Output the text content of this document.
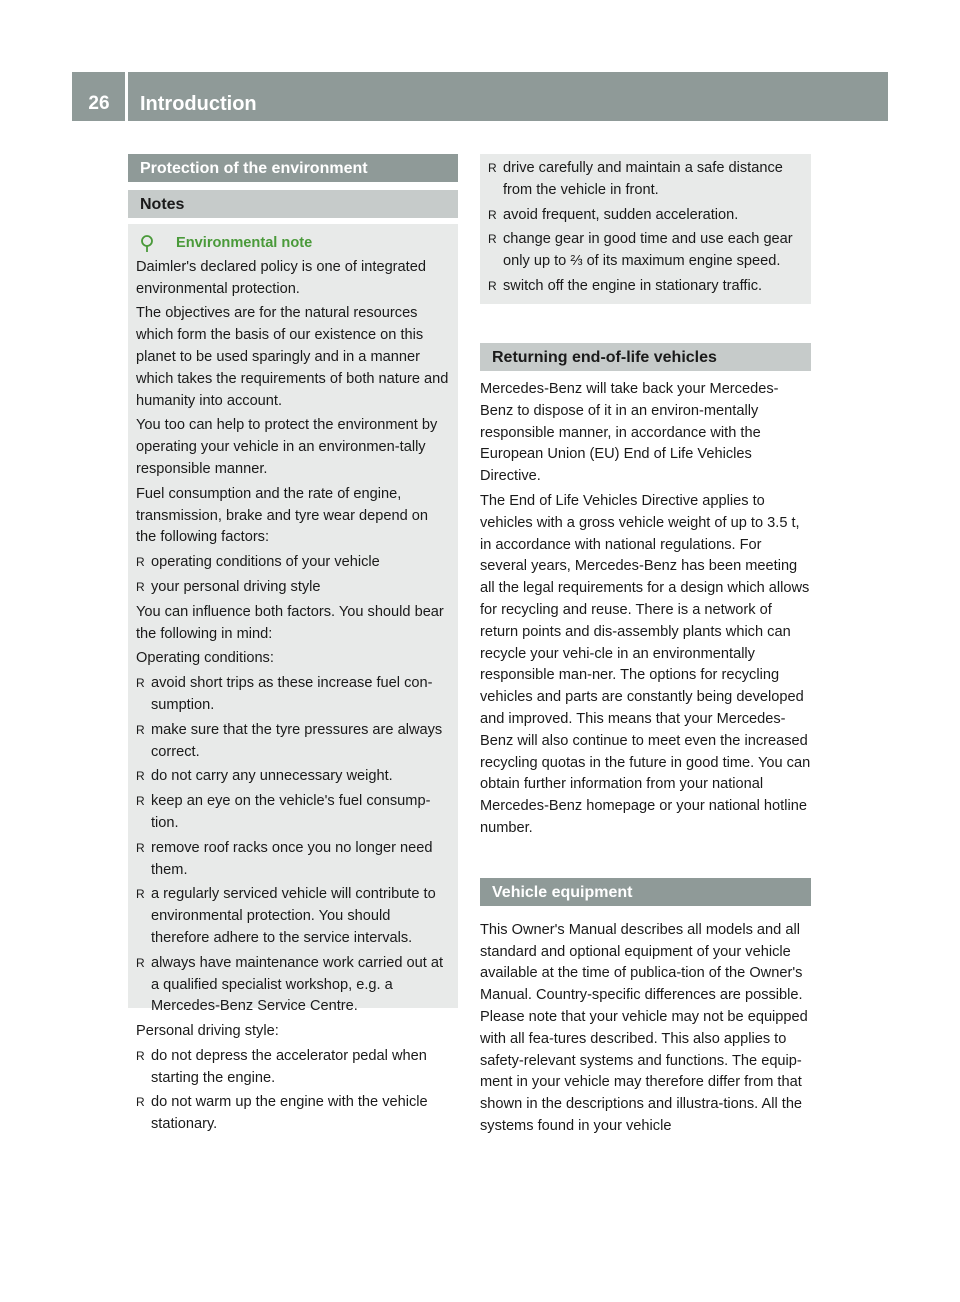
26	Introduction
Protection of the environment
Notes
Environmental note

Daimler's declared policy is one of integrated environmental protection.

The objectives are for the natural resources which form the basis of our existence on this planet to be used sparingly and in a manner which takes the requirements of both nature and humanity into account.

You too can help to protect the environment by operating your vehicle in an environmen-tally responsible manner.

Fuel consumption and the rate of engine, transmission, brake and tyre wear depend on the following factors:

R operating conditions of your vehicle
R your personal driving style

You can influence both factors. You should bear the following in mind:

Operating conditions:

R avoid short trips as these increase fuel con-sumption.
R make sure that the tyre pressures are always correct.
R do not carry any unnecessary weight.
R keep an eye on the vehicle's fuel consump-tion.
R remove roof racks once you no longer need them.
R a regularly serviced vehicle will contribute to environmental protection. You should therefore adhere to the service intervals.
R always have maintenance work carried out at a qualified specialist workshop, e.g. a Mercedes-Benz Service Centre.

Personal driving style:

R do not depress the accelerator pedal when starting the engine.
R do not warm up the engine with the vehicle stationary.
R drive carefully and maintain a safe distance from the vehicle in front.
R avoid frequent, sudden acceleration.
R change gear in good time and use each gear only up to ⅔ of its maximum engine speed.
R switch off the engine in stationary traffic.
Returning end-of-life vehicles

Mercedes-Benz will take back your Mercedes-Benz to dispose of it in an environ-mentally responsible manner, in accordance with the European Union (EU) End of Life Vehicles Directive.

The End of Life Vehicles Directive applies to vehicles with a gross vehicle weight of up to 3.5 t, in accordance with national regulations. For several years, Mercedes-Benz has been meeting all the legal requirements for a design which allows for recycling and reuse. There is a network of return points and dis-assembly plants which can recycle your vehi-cle in an environmentally responsible man-ner. The options for recycling vehicles and parts are constantly being developed and improved. This means that your Mercedes-Benz will also continue to meet even the increased recycling quotas in the future in good time. You can obtain further information from your national Mercedes-Benz homepage or your national hotline number.

Vehicle equipment

This Owner's Manual describes all models and all standard and optional equipment of your vehicle available at the time of publica-tion of the Owner's Manual. Country-specific differences are possible. Please note that your vehicle may not be equipped with all fea-tures described. This also applies to safety-relevant systems and functions. The equip-ment in your vehicle may therefore differ from that shown in the descriptions and illustra-tions. All the systems found in your vehicle
